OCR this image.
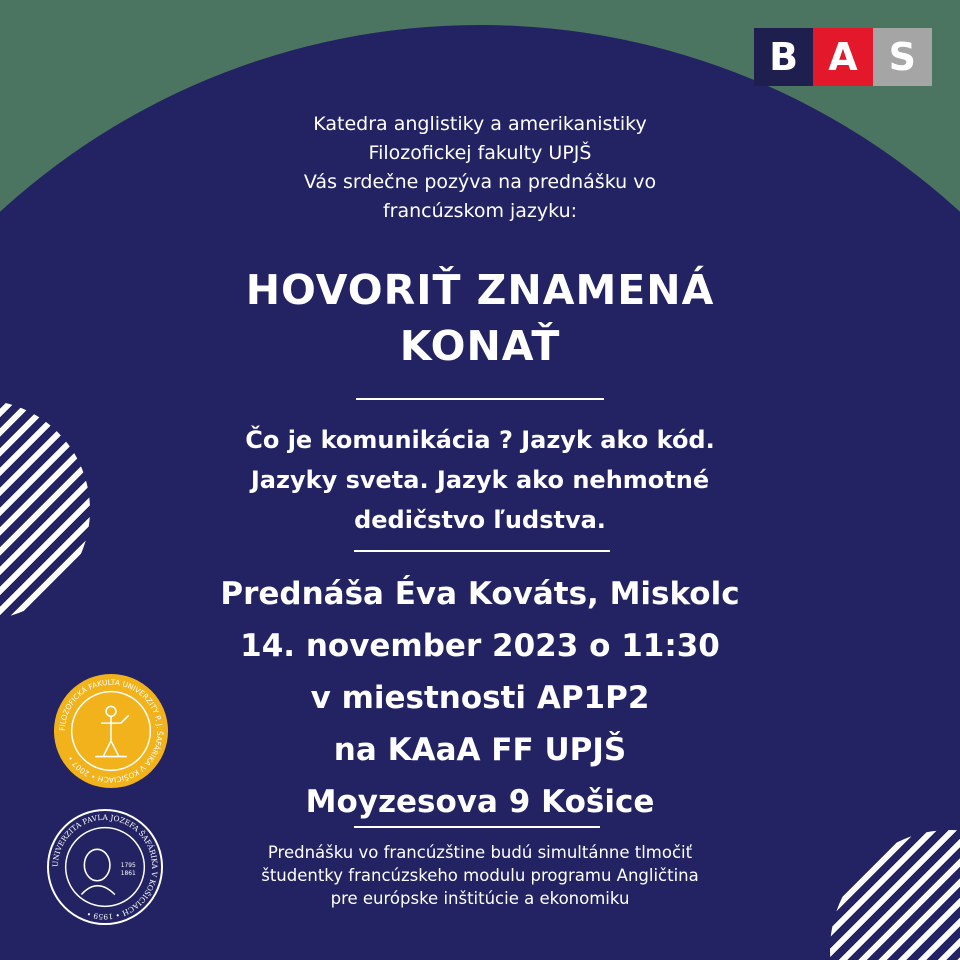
B A S
Katedra anglistiky a amerikanistiky
Filozofickej fakulty UPJŠ
Vás srdečne pozýva na prednášku vo
francúzskom jazyku:
HOVORIŤ ZNAMENÁ
KONAŤ
Čo je komunikácia ? Jazyk ako kód.
Jazyky sveta. Jazyk ako nehmotné
dedičstvo ľudstva.
Prednáša Éva Kováts, Miskolc
14. november 2023 o 11:30
v miestnosti AP1P2
na KAaA FF UPJŠ
Moyzesova 9 Košice
Prednášku vo francúzštine budú simultánne tlmočiť
študentky francúzskeho modulu programu Angličtina
pre európske inštitúcie a ekonomiku
FILOZOFICKÁ FAKULTA UNIVERZITY P. J. ŠAFÁRIKA V KOŠICIACH • 2007 •
UNIVERZITA PAVLA JOZEFA ŠAFÁRIKA V KOŠICIACH • 1959 •
1795
1861
